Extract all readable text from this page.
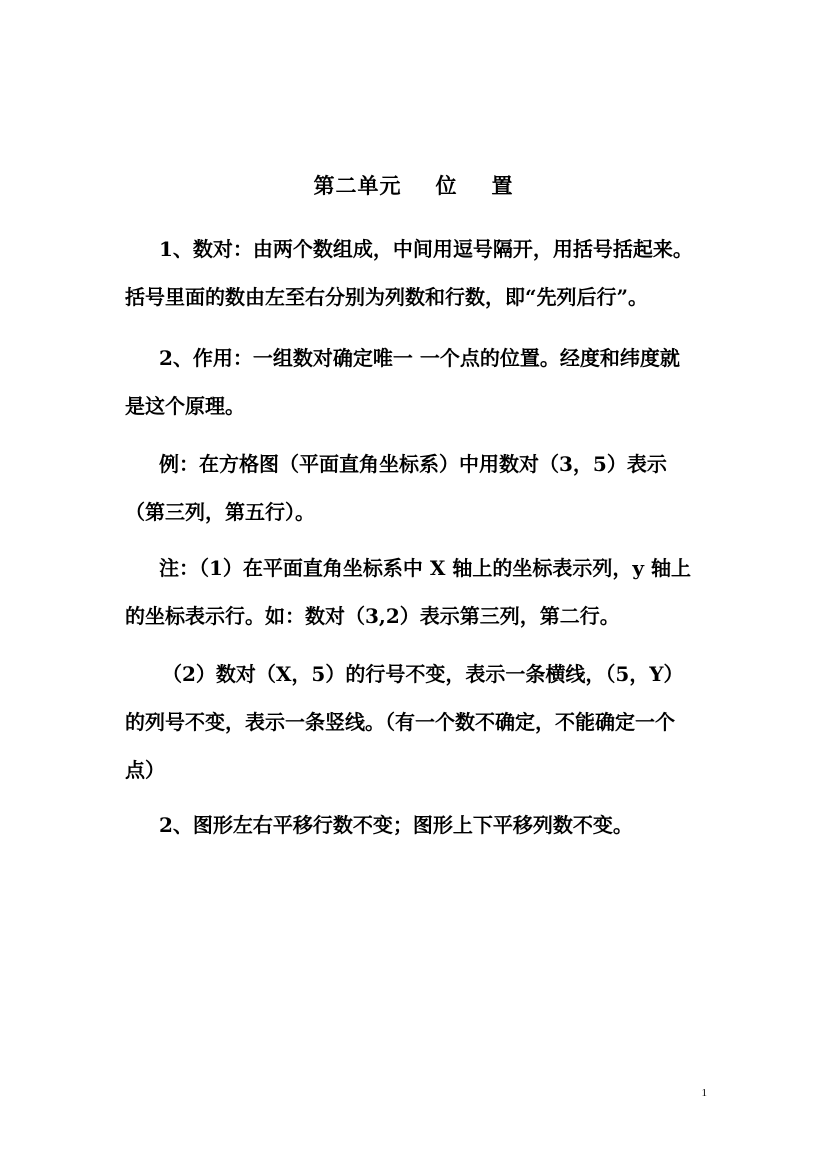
第二单元 位 置
1、数对：由两个数组成，中间用逗号隔开，用括号括起来。
括号里面的数由左至右分别为列数和行数，即“先列后行”。
2、作用：一组数对确定唯一 一个点的位置。经度和纬度就
是这个原理。
例：在方格图（平面直角坐标系）中用数对（3，5）表示
（第三列，第五行）。
注：（1）在平面直角坐标系中 X 轴上的坐标表示列，y 轴上
的坐标表示行。如：数对（3,2）表示第三列，第二行。
（2）数对（X，5）的行号不变，表示一条横线，（5，Y）
的列号不变，表示一条竖线。（有一个数不确定，不能确定一个
点）
2、图形左右平移行数不变；图形上下平移列数不变。
1
